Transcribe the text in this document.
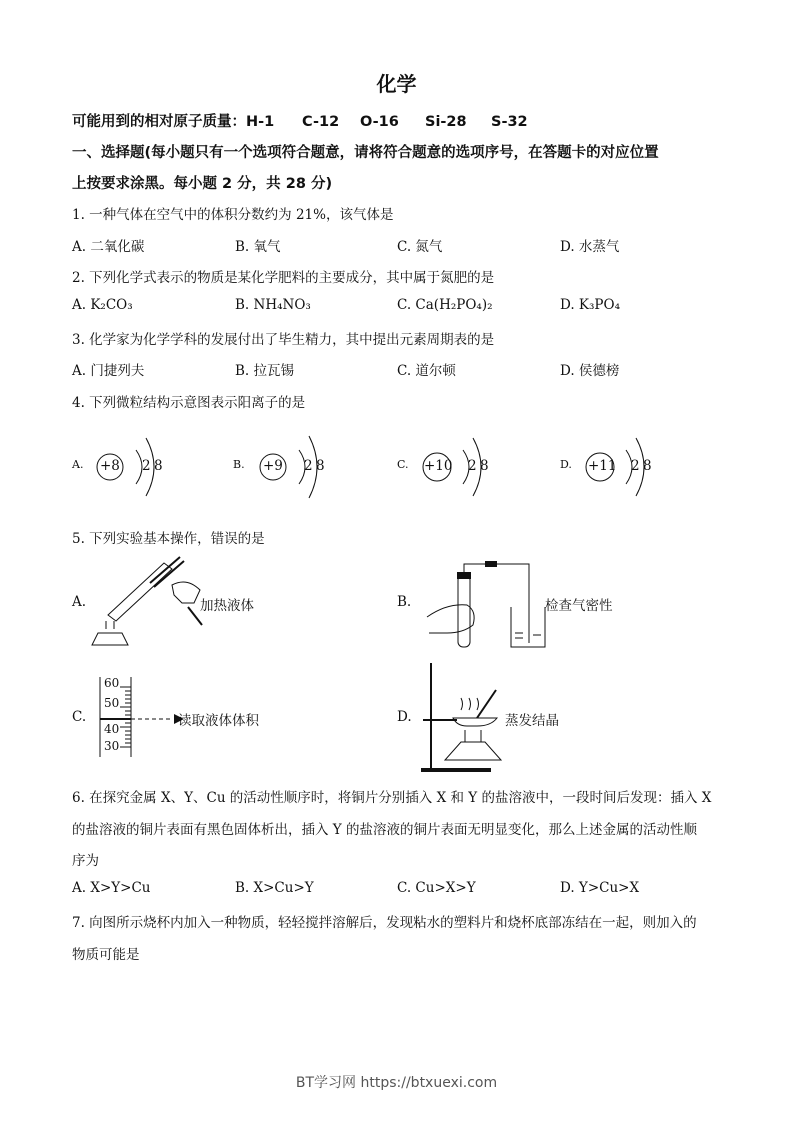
化学
可能用到的相对原子质量：H-1 C-12 O-16 Si-28 S-32
一、选择题(每小题只有一个选项符合题意，请将符合题意的选项序号，在答题卡的对应位置
上按要求涂黑。每小题 2 分，共 28 分)
1. 一种气体在空气中的体积分数约为 21%，该气体是
A. 二氧化碳	B. 氧气	C. 氮气	D. 水蒸气
2. 下列化学式表示的物质是某化学肥料的主要成分，其中属于氮肥的是
A. K₂CO₃	B. NH₄NO₃	C. Ca(H₂PO₄)₂	D. K₃PO₄
3. 化学家为化学学科的发展付出了毕生精力，其中提出元素周期表的是
A. 门捷列夫	B. 拉瓦锡	C. 道尔顿	D. 侯德榜
4. 下列微粒结构示意图表示阳离子的是
A. +8 2 8	B. +9 2 8	C. +10 2 8	D. +11 2 8
5. 下列实验基本操作，错误的是
A.	加热液体	B.	检查气密性
C.
60
50
40
30
读取液体体积	D.	蒸发结晶
6. 在探究金属 X、Y、Cu 的活动性顺序时，将铜片分别插入 X 和 Y 的盐溶液中，一段时间后发现：插入 X
的盐溶液的铜片表面有黑色固体析出，插入 Y 的盐溶液的铜片表面无明显变化，那么上述金属的活动性顺
序为
A. X>Y>Cu	B. X>Cu>Y	C. Cu>X>Y	D. Y>Cu>X
7. 向图所示烧杯内加入一种物质，轻轻搅拌溶解后，发现粘水的塑料片和烧杯底部冻结在一起，则加入的
物质可能是
BT学习网 https://btxuexi.com
